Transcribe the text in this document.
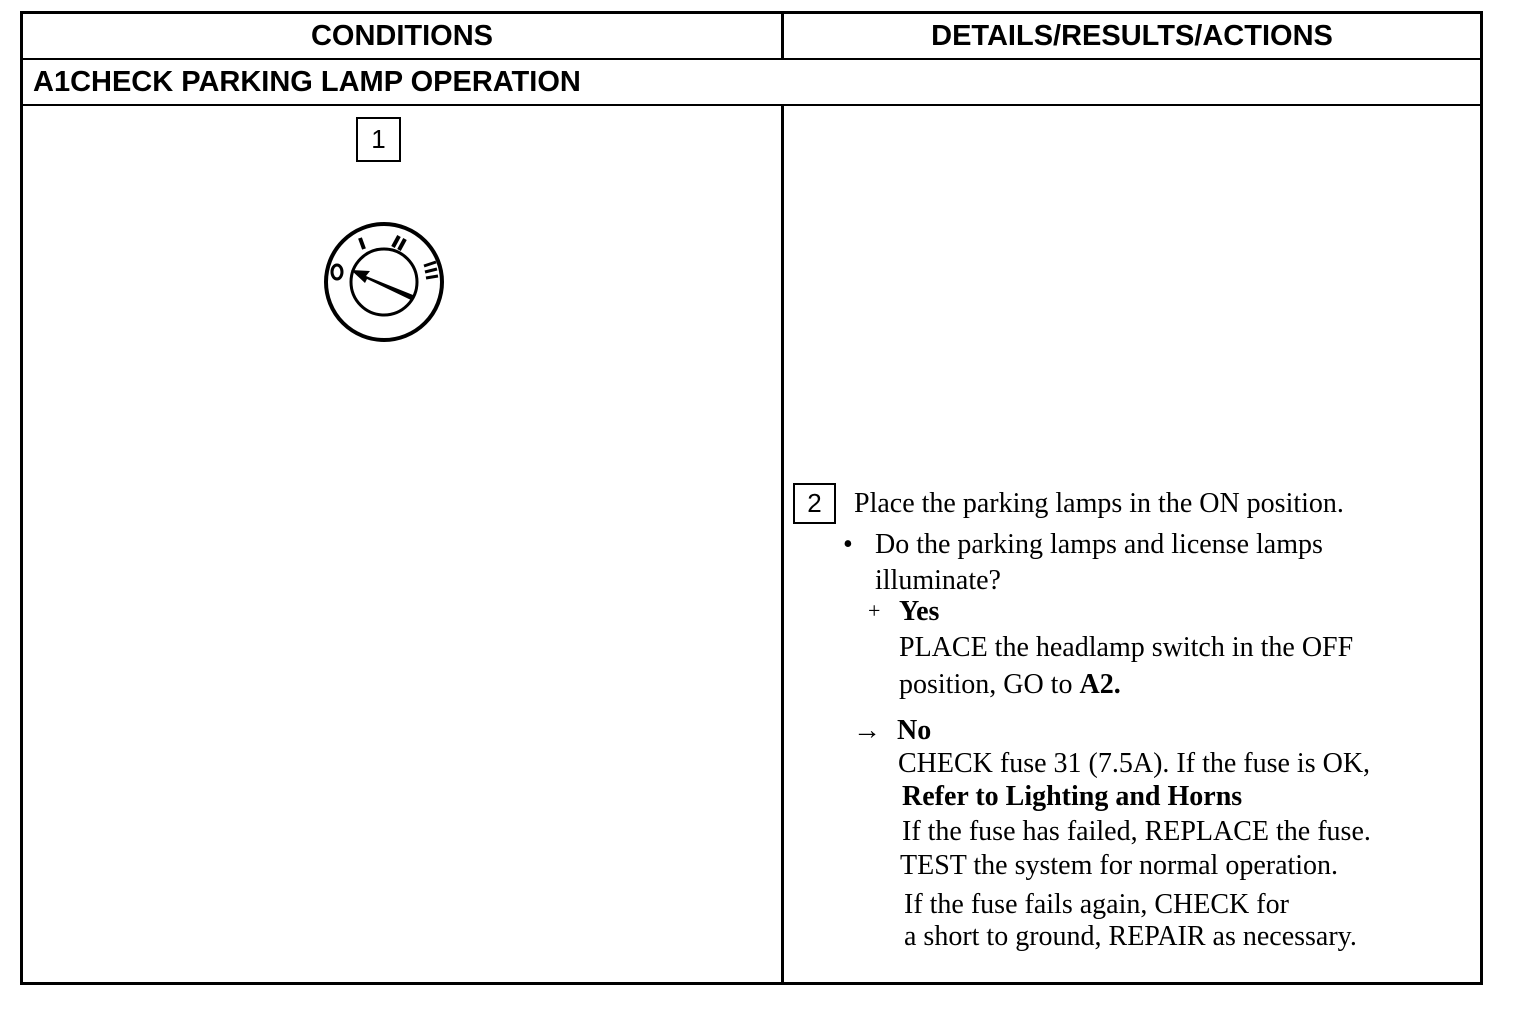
CONDITIONS	DETAILS/RESULTS/ACTIONS
A1 CHECK PARKING LAMP OPERATION
1
2	Place the parking lamps in the ON position.
• Do the parking lamps and license lamps
illuminate?
+ Yes
PLACE the headlamp switch in the OFF
position, GO to A2.
→ No
CHECK fuse 31 (7.5A). If the fuse is OK,
Refer to Lighting and Horns
If the fuse has failed, REPLACE the fuse.
TEST the system for normal operation.
If the fuse fails again, CHECK for
a short to ground, REPAIR as necessary.
